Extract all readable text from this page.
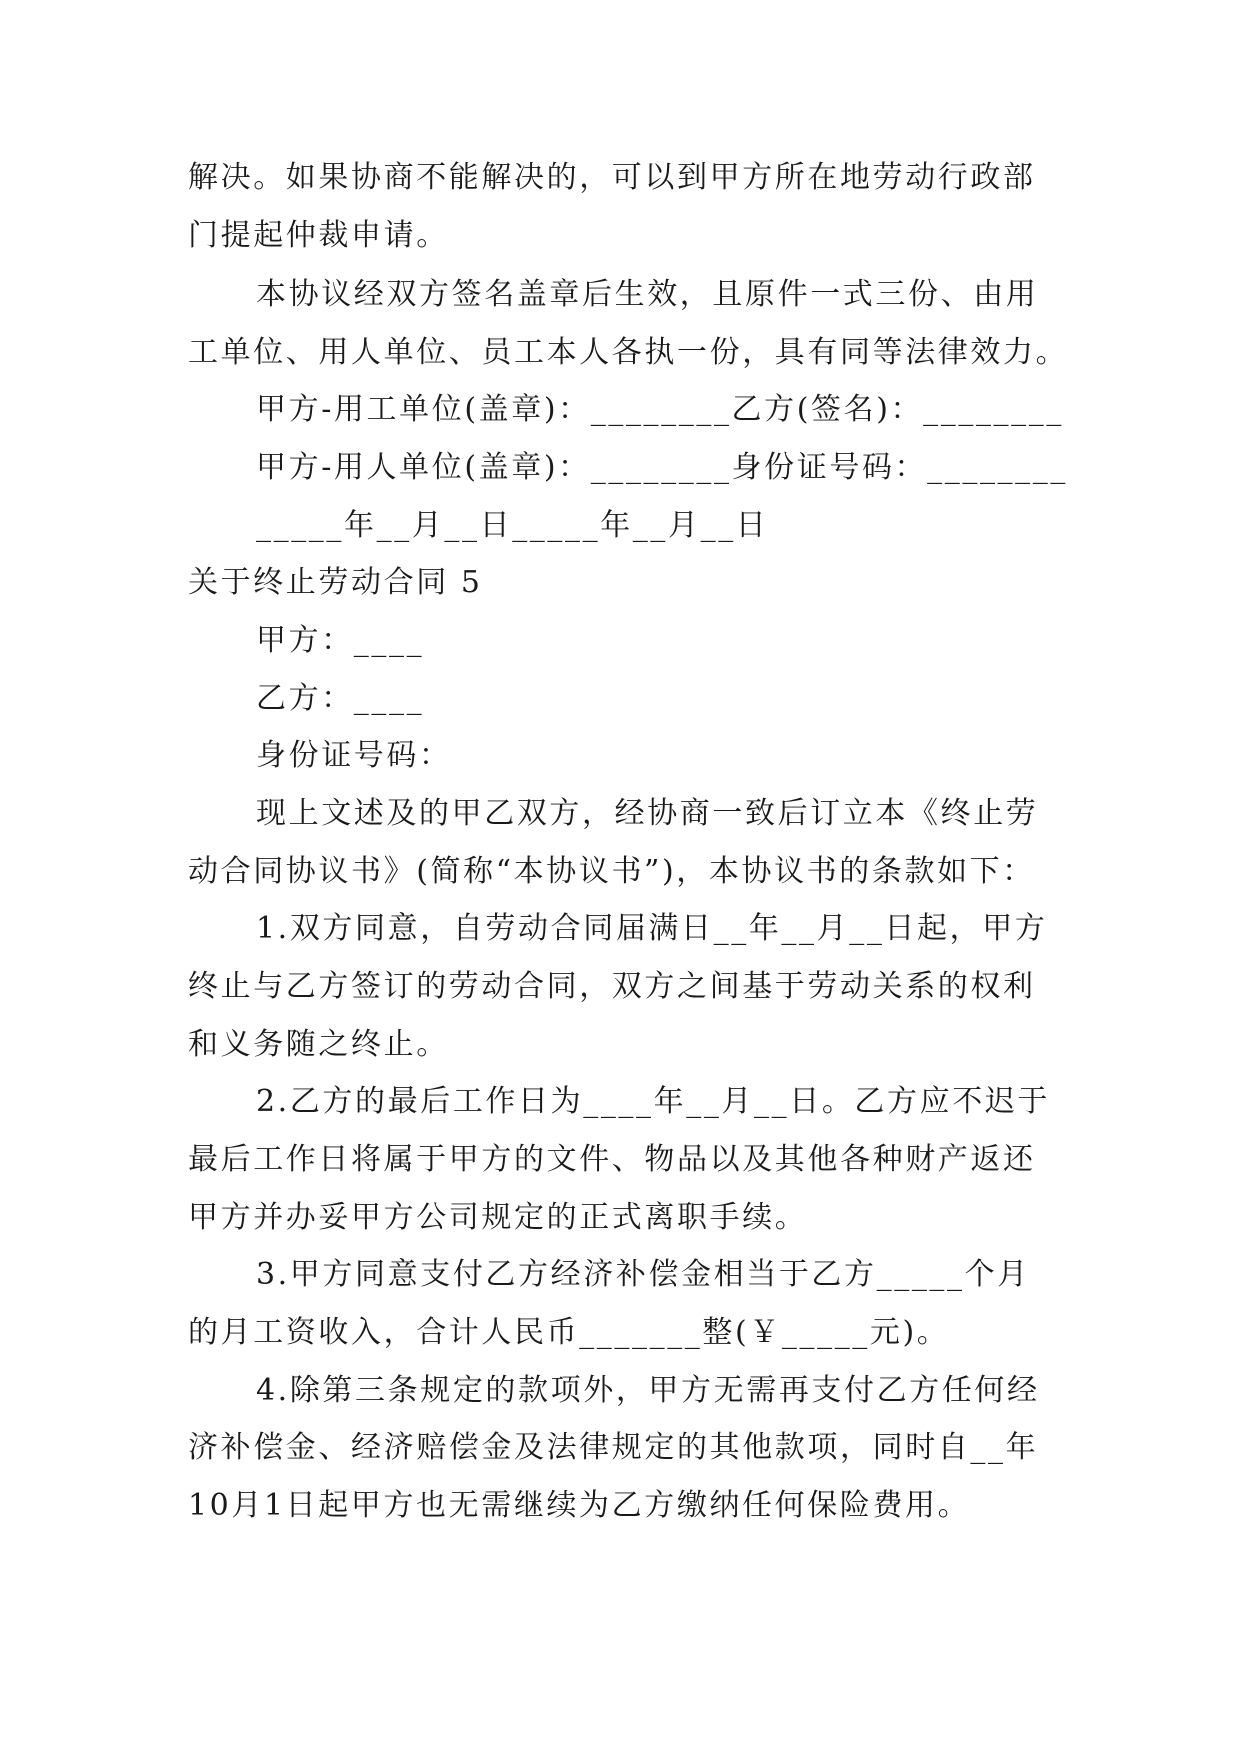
解决。如果协商不能解决的，可以到甲方所在地劳动行政部
门提起仲裁申请。
本协议经双方签名盖章后生效，且原件一式三份、由用
工单位、用人单位、员工本人各执一份，具有同等法律效力。
甲方-用工单位(盖章)：________乙方(签名)：________
甲方-用人单位(盖章)：________身份证号码：________
_____年__月__日_____年__月__日
关于终止劳动合同 5
甲方：____
乙方：____
身份证号码：
现上文述及的甲乙双方，经协商一致后订立本《终止劳
动合同协议书》(简称“本协议书”)，本协议书的条款如下：
1.双方同意，自劳动合同届满日__年__月__日起，甲方
终止与乙方签订的劳动合同，双方之间基于劳动关系的权利
和义务随之终止。
2.乙方的最后工作日为____年__月__日。乙方应不迟于
最后工作日将属于甲方的文件、物品以及其他各种财产返还
甲方并办妥甲方公司规定的正式离职手续。
3.甲方同意支付乙方经济补偿金相当于乙方_____个月
的月工资收入，合计人民币_______整(￥_____元)。
4.除第三条规定的款项外，甲方无需再支付乙方任何经
济补偿金、经济赔偿金及法律规定的其他款项，同时自__年
10月1日起甲方也无需继续为乙方缴纳任何保险费用。
